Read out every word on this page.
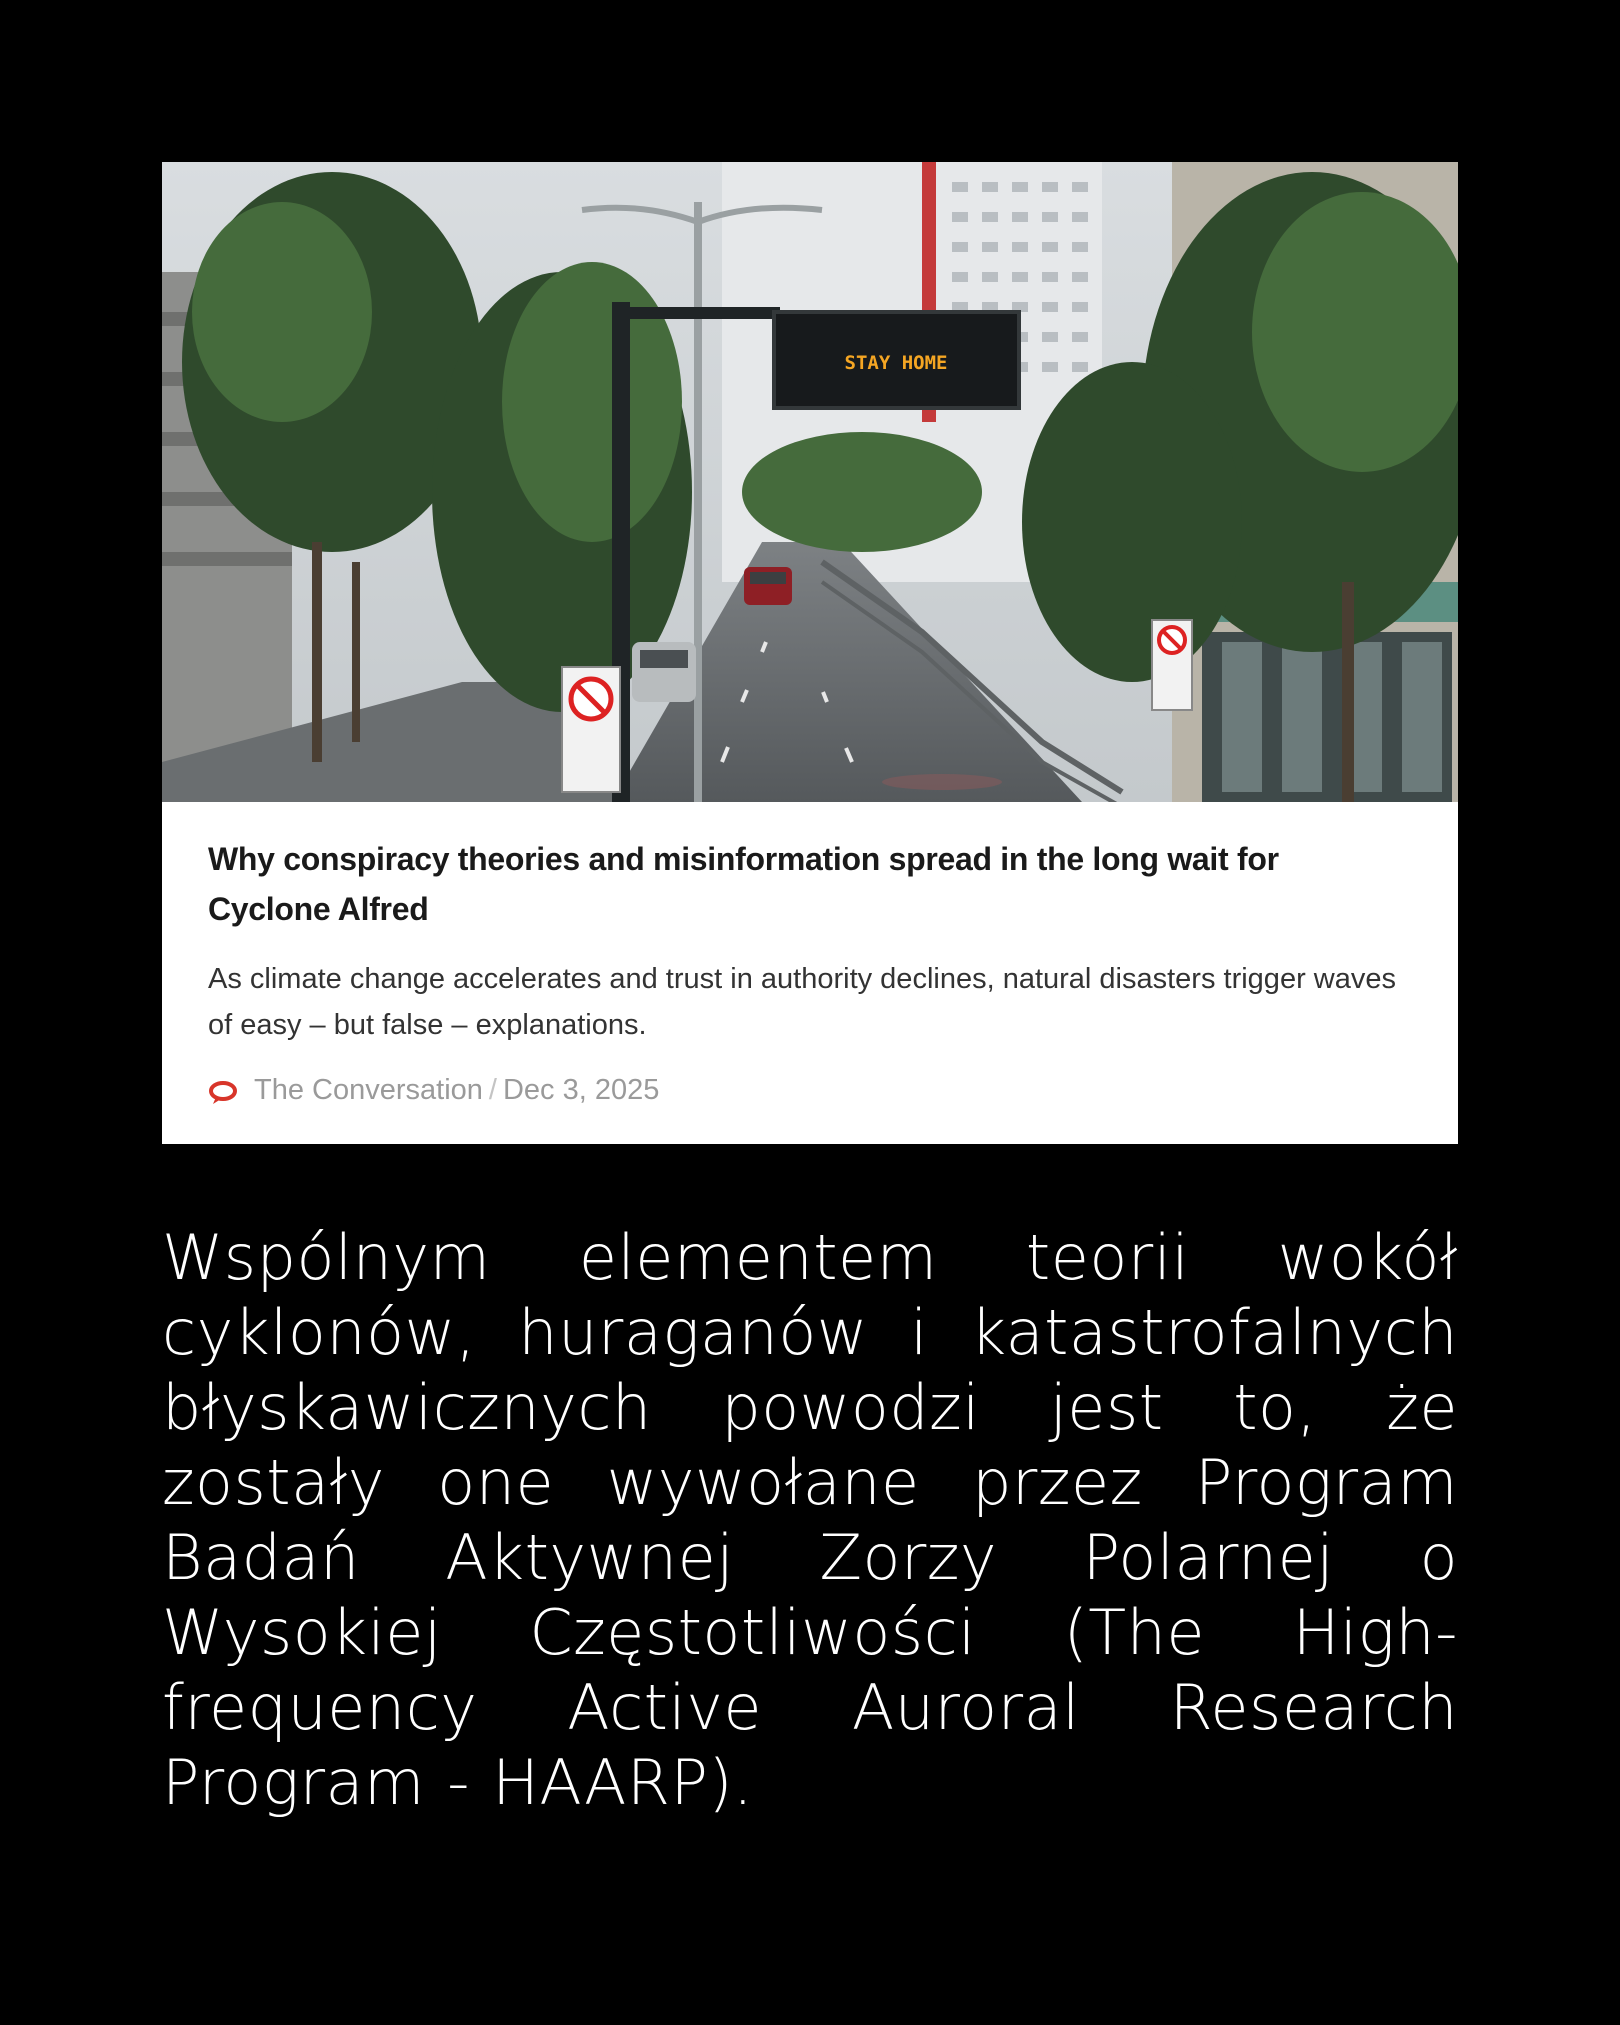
STAY HOME
Why conspiracy theories and misinformation spread in the long wait for Cyclone Alfred

As climate change accelerates and trust in authority declines, natural disasters trigger waves of easy – but false – explanations.

The Conversation / Dec 3, 2025

Wspólnym elementem teorii wokół cyklonów, huraganów i katastrofalnych błyskawicznych powodzi jest to, że zostały one wywołane przez Program Badań Aktywnej Zorzy Polarnej o Wysokiej Częstotliwości (The High-frequency Active Auroral Research Program - HAARP).
